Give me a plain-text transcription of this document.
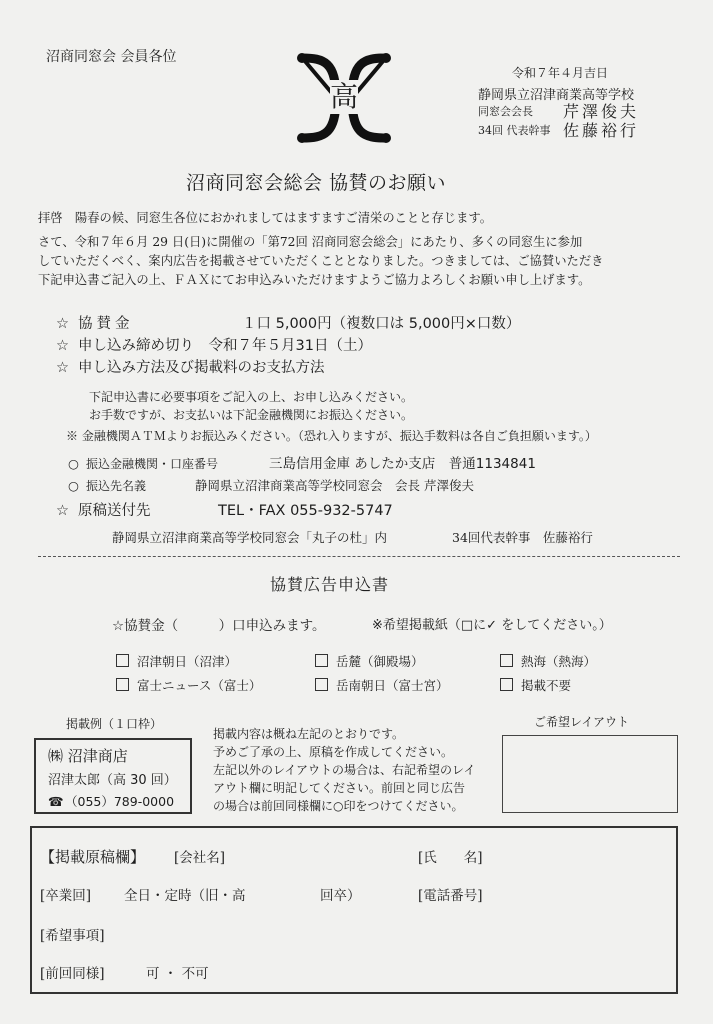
沼商同窓会 会員各位
高
令和７年４月吉日
静岡県立沼津商業高等学校
同窓会会長 芹澤俊夫
34回 代表幹事 佐藤裕行
沼商同窓会総会 協賛のお願い
拝啓　陽春の候、同窓生各位におかれましてはますますご清栄のことと存じます。
さて、令和７年６月 29 日(日)に開催の「第72回 沼商同窓会総会」にあたり、多くの同窓生に参加
していただくべく、案内広告を掲載させていただくこととなりました。つきましては、ご協賛いただき
下記申込書ご記入の上、ＦＡＸにてお申込みいただけますようご協力よろしくお願い申し上げます。
☆ 協賛金	１口 5,000円（複数口は 5,000円×口数）
☆ 申し込み締め切り　 令和７年５月31日（土）
☆ 申し込み方法及び掲載料のお支払方法
下記申込書に必要事項をご記入の上、お申し込みください。
お手数ですが、お支払いは下記金融機関にお振込ください。
※ 金融機関ＡＴＭよりお振込みください。（恐れ入りますが、振込手数料は各自ご負担願います。）
○ 振込金融機関・口座番号	三島信用金庫 あしたか支店　普通1134841
○ 振込先名義	静岡県立沼津商業高等学校同窓会　会長 芹澤俊夫
☆ 原稿送付先	TEL・FAX 055-932-5747
静岡県立沼津商業高等学校同窓会「丸子の杜」内	34回代表幹事　佐藤裕行
協賛広告申込書
☆協賛金（　　　）口申込みます。	※希望掲載紙（□に✓ をしてください。）
沼津朝日（沼津）	岳麓（御殿場）	熱海（熱海）
富士ニュース（富士）	岳南朝日（富士宮）	掲載不要
掲載例（１口枠）	ご希望レイアウト
㈱ 沼津商店
沼津太郎（高 30 回）
☎（055）789-0000
掲載内容は概ね左記のとおりです。
予めご了承の上、原稿を作成してください。
左記以外のレイアウトの場合は、右記希望のレイ
アウト欄に明記してください。前回と同じ広告
の場合は前回同様欄に○印をつけてください。
【掲載原稿欄】 [会社名]	[氏　　名]
[卒業回] 全日・定時（旧・高	回卒）	[電話番号]
[希望事項]
[前回同様]	可 ・ 不可
